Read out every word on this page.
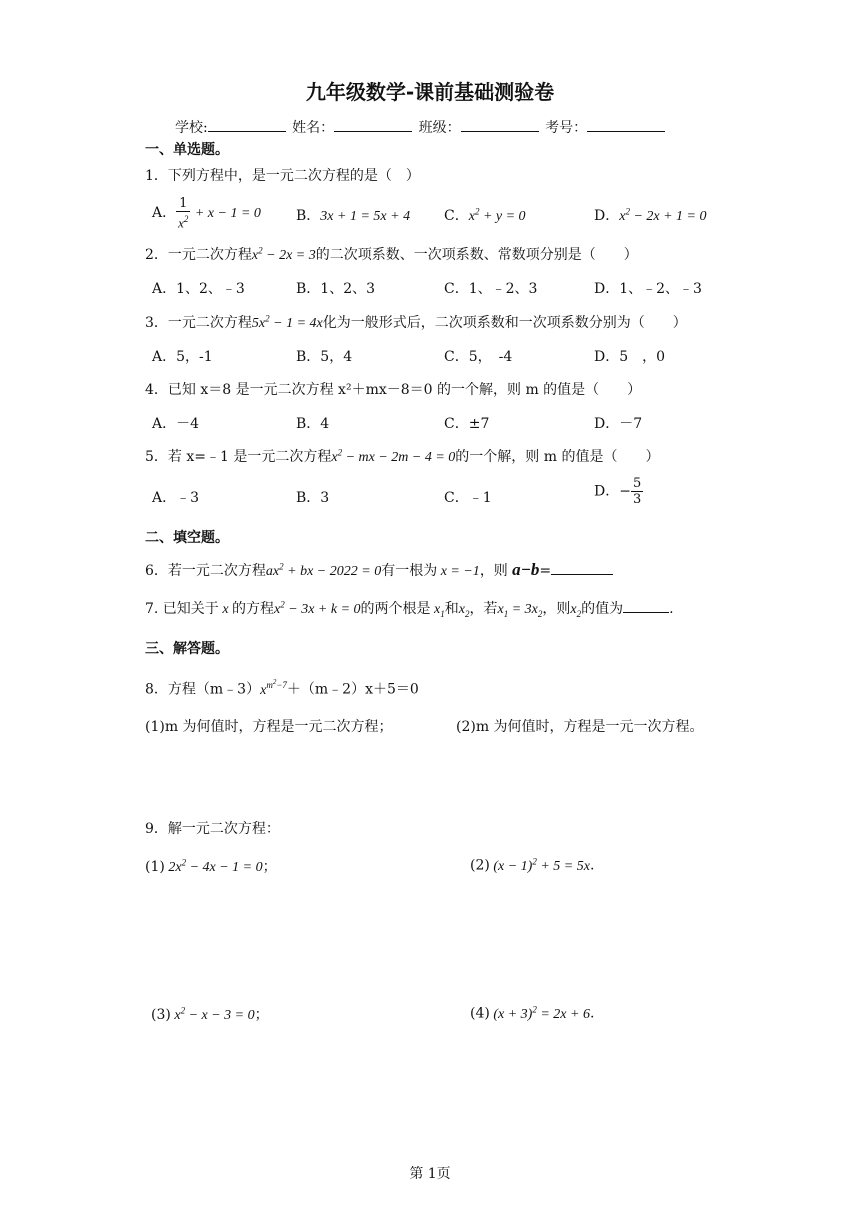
九年级数学-课前基础测验卷
学校:	姓名：	班级：	考号：
一、单选题。
1．下列方程中，是一元二次方程的是（　）
A． $\frac{1}{x^2} + x - 1 = 0$	B．3x + 1 = 5x + 4 C．$x^2 + y = 0$	D．$x^2 - 2x + 1 = 0$
2．一元二次方程$x^2 - 2x = 3$的二次项系数、一次项系数、常数项分别是（　　）
A．1、2、﹣3	B．1、2、3	C．1、﹣2、3	D．1、﹣2、﹣3
3．一元二次方程$5x^2 - 1 = 4x$化为一般形式后，二次项系数和一次项系数分别为（　　）
A．5，-1	B．5，4	C．5，　-4	D．5　，0
4．已知 x＝8 是一元二次方程 x²＋mx－8＝0 的一个解，则 m 的值是（　　）
A．－4	B．4	C．±7	D．－7
5．若 x=﹣1 是一元二次方程$x^2$ − mx − 2m − 4 = 0的一个解，则 m 的值是（　　）
A．﹣3	B．3	C．﹣1	D．− $\frac{5}{3}$
二、填空题。
6．若一元二次方程$ax^2$ + bx − 2022 = 0有一根为 x = −1，则 a−b=
7. 已知关于 x 的方程$x^2 - 3x + k = 0$的两个根是 $x_1$和$x_2$，若$x_1 = 3x_2$，则$x_2$的值为	.
三、解答题。
8．方程$(m﹣3)x^{m^2-7}+(m﹣2)x+5=0$
(1)m 为何值时，方程是一元二次方程；	(2)m 为何值时，方程是一元一次方程。
9．解一元二次方程：
(1) $2x^2 - 4x - 1 = 0$；	(2) $(x - 1)^2 + 5 = 5x$.
(3) $x^2 - x - 3 = 0$；	(4) $(x + 3)^2 = 2x + 6$.
第 1页
